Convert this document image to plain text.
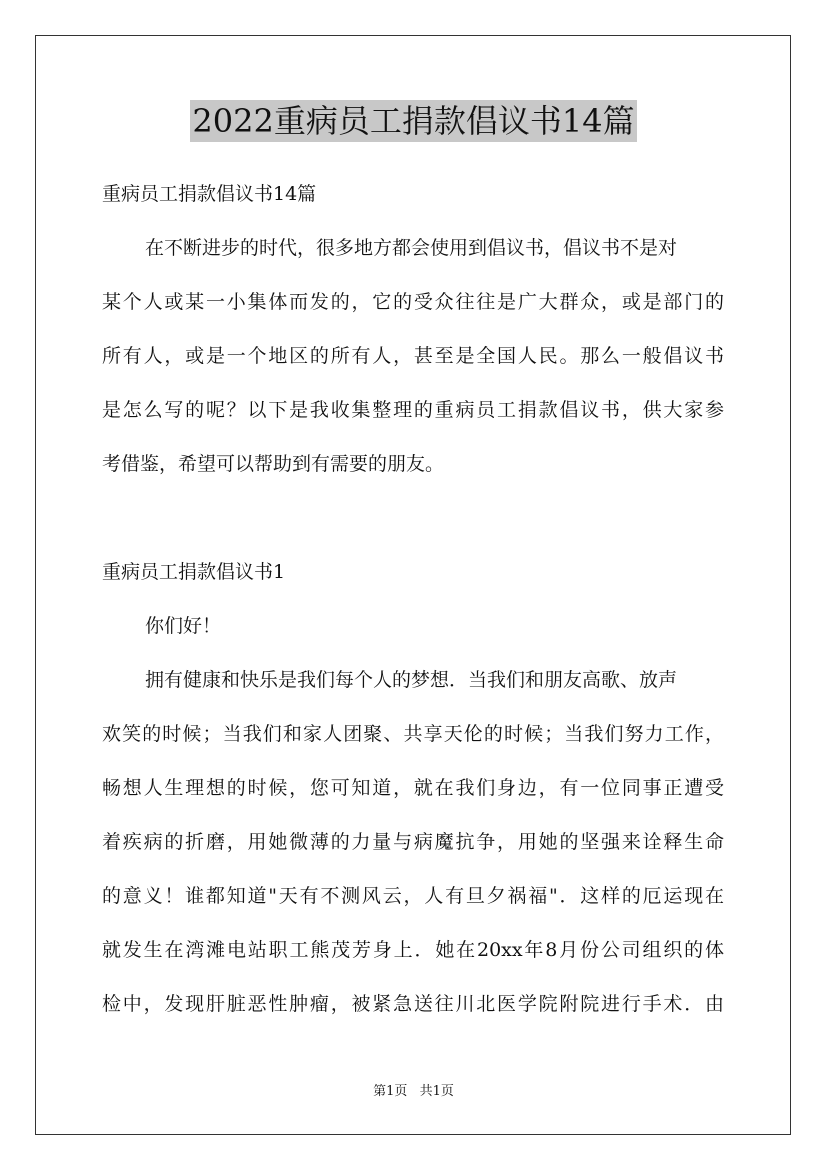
2022重病员工捐款倡议书14篇
重病员工捐款倡议书14篇
在不断进步的时代，很多地方都会使用到倡议书，倡议书不是对
某个人或某一小集体而发的，它的受众往往是广大群众，或是部门的
所有人，或是一个地区的所有人，甚至是全国人民。那么一般倡议书
是怎么写的呢？以下是我收集整理的重病员工捐款倡议书，供大家参
考借鉴，希望可以帮助到有需要的朋友。
重病员工捐款倡议书1
你们好！
拥有健康和快乐是我们每个人的梦想．当我们和朋友高歌、放声
欢笑的时候；当我们和家人团聚、共享天伦的时候；当我们努力工作，
畅想人生理想的时候，您可知道，就在我们身边，有一位同事正遭受
着疾病的折磨，用她微薄的力量与病魔抗争，用她的坚强来诠释生命
的意义！谁都知道"天有不测风云，人有旦夕祸福"．这样的厄运现在
就发生在湾滩电站职工熊茂芳身上．她在20xx年8月份公司组织的体
检中，发现肝脏恶性肿瘤，被紧急送往川北医学院附院进行手术．由
第1页 共1页
